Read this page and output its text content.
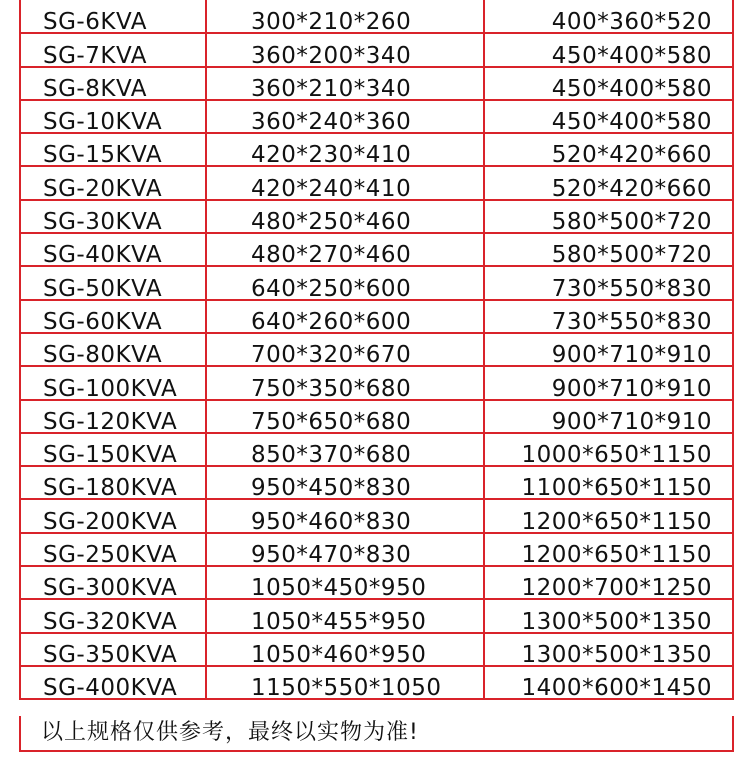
SG-6KVA	300*210*260	400*360*520
SG-7KVA	360*200*340	450*400*580
SG-8KVA	360*210*340	450*400*580
SG-10KVA	360*240*360	450*400*580
SG-15KVA	420*230*410	520*420*660
SG-20KVA	420*240*410	520*420*660
SG-30KVA	480*250*460	580*500*720
SG-40KVA	480*270*460	580*500*720
SG-50KVA	640*250*600	730*550*830
SG-60KVA	640*260*600	730*550*830
SG-80KVA	700*320*670	900*710*910
SG-100KVA	750*350*680	900*710*910
SG-120KVA	750*650*680	900*710*910
SG-150KVA	850*370*680	1000*650*1150
SG-180KVA	950*450*830	1100*650*1150
SG-200KVA	950*460*830	1200*650*1150
SG-250KVA	950*470*830	1200*650*1150
SG-300KVA	1050*450*950	1200*700*1250
SG-320KVA	1050*455*950	1300*500*1350
SG-350KVA	1050*460*950	1300*500*1350
SG-400KVA	1150*550*1050	1400*600*1450
以上规格仅供参考，最终以实物为准!
